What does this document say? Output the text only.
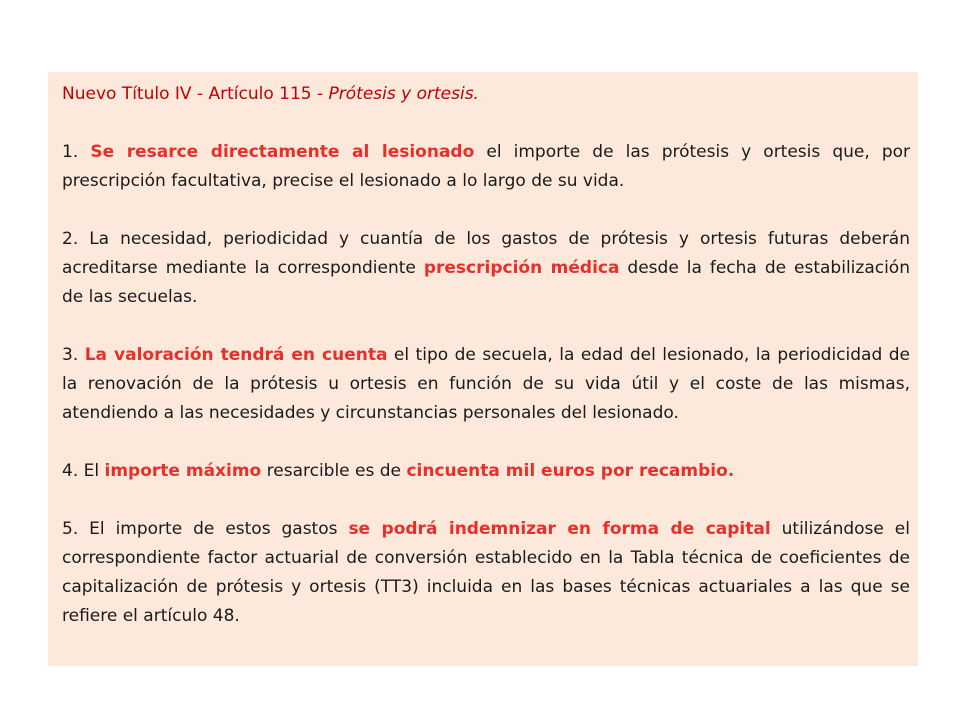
Nuevo Título IV - Artículo 115 - Prótesis y ortesis.

1. Se resarce directamente al lesionado el importe de las prótesis y ortesis que, por prescripción facultativa, precise el lesionado a lo largo de su vida.

2. La necesidad, periodicidad y cuantía de los gastos de prótesis y ortesis futuras deberán acreditarse mediante la correspondiente prescripción médica desde la fecha de estabilización de las secuelas.

3. La valoración tendrá en cuenta el tipo de secuela, la edad del lesionado, la periodicidad de la renovación de la prótesis u ortesis en función de su vida útil y el coste de las mismas, atendiendo a las necesidades y circunstancias personales del lesionado.

4. El importe máximo resarcible es de cincuenta mil euros por recambio.

5. El importe de estos gastos se podrá indemnizar en forma de capital utilizándose el correspondiente factor actuarial de conversión establecido en la Tabla técnica de coeficientes de capitalización de prótesis y ortesis (TT3) incluida en las bases técnicas actuariales a las que se refiere el artículo 48.
